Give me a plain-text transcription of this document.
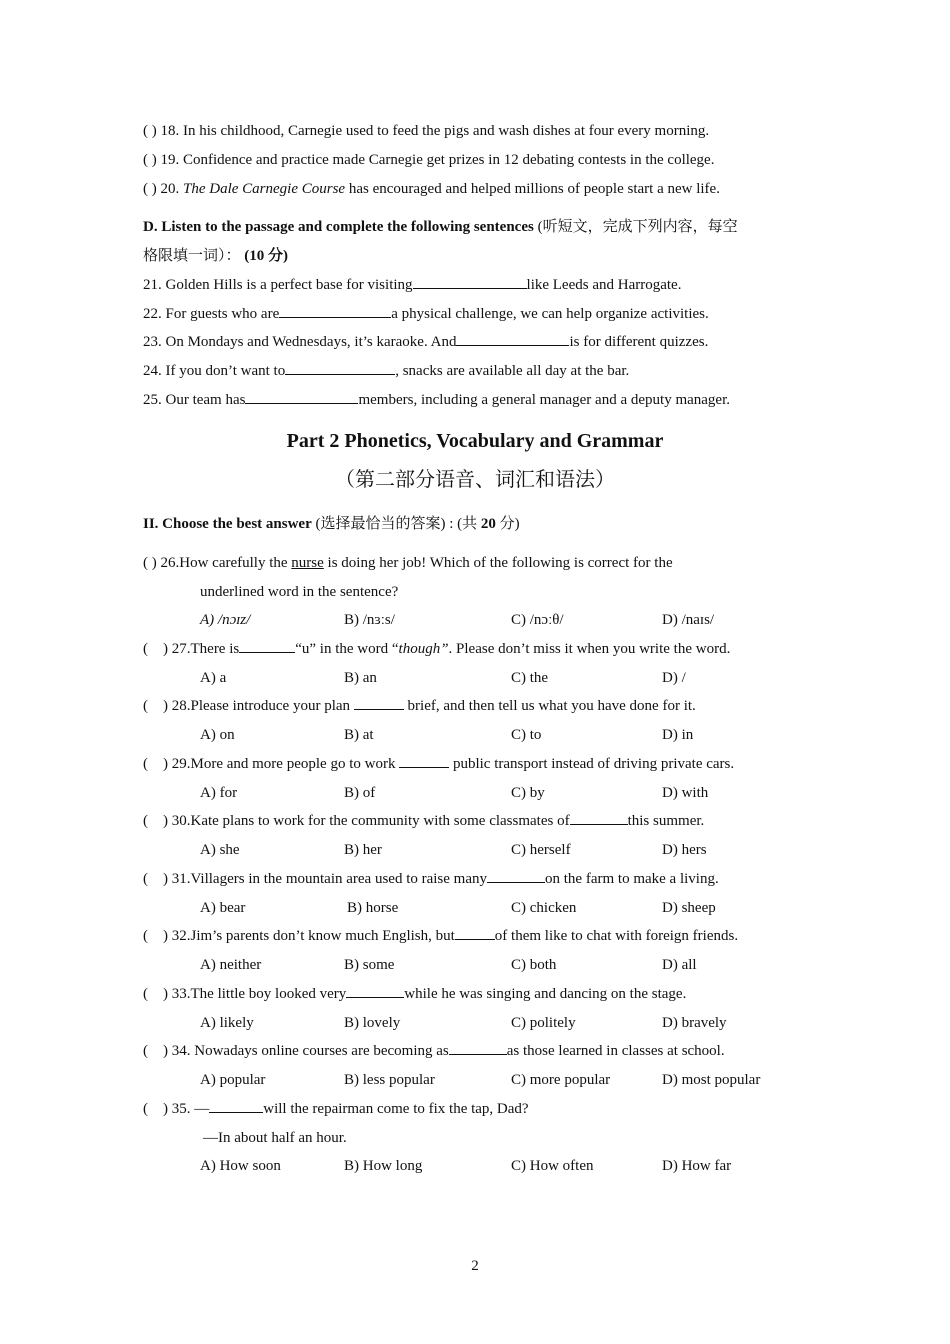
( ) 18. In his childhood, Carnegie used to feed the pigs and wash dishes at four every morning.
( ) 19. Confidence and practice made Carnegie get prizes in 12 debating contests in the college.
( ) 20. The Dale Carnegie Course has encouraged and helped millions of people start a new life.
D. Listen to the passage and complete the following sentences (听短文，完成下列内容，每空
格限填一词）： (10 分)
21. Golden Hills is a perfect base for visiting	like Leeds and Harrogate.
22. For guests who are	a physical challenge, we can help organize activities.
23. On Mondays and Wednesdays, it’s karaoke. And	is for different quizzes.
24. If you don’t want to	, snacks are available all day at the bar.
25. Our team has	members, including a general manager and a deputy manager.
Part 2 Phonetics, Vocabulary and Grammar
（第二部分语音、词汇和语法）
II. Choose the best answer (选择最恰当的答案) : (共 20 分)
( ) 26.How carefully the nurse is doing her job! Which of the following is correct for the
underlined word in the sentence?
A) /nɔɪz/	B) /nɜːs/	C) /nɔːθ/	D) /naɪs/
( ) 27.There is	“u” in the word “though”. Please don’t miss it when you write the word.
A) a	B) an	C) the	D) /
( ) 28.Please introduce your plan	brief, and then tell us what you have done for it.
A) on	B) at	C) to	D) in
( ) 29.More and more people go to work	public transport instead of driving private cars.
A) for	B) of	C) by	D) with
( ) 30.Kate plans to work for the community with some classmates of	this summer.
A) she	B) her	C) herself	D) hers
( ) 31.Villagers in the mountain area used to raise many	on the farm to make a living.
A) bear	B) horse	C) chicken	D) sheep
( ) 32.Jim’s parents don’t know much English, but	of them like to chat with foreign friends.
A) neither	B) some	C) both	D) all
( ) 33.The little boy looked very	while he was singing and dancing on the stage.
A) likely	B) lovely	C) politely	D) bravely
( ) 34. Nowadays online courses are becoming as	as those learned in classes at school.
A) popular	B) less popular	C) more popular	D) most popular
( ) 35. —	will the repairman come to fix the tap, Dad?
—In about half an hour.
A) How soon	B) How long	C) How often	D) How far
2
